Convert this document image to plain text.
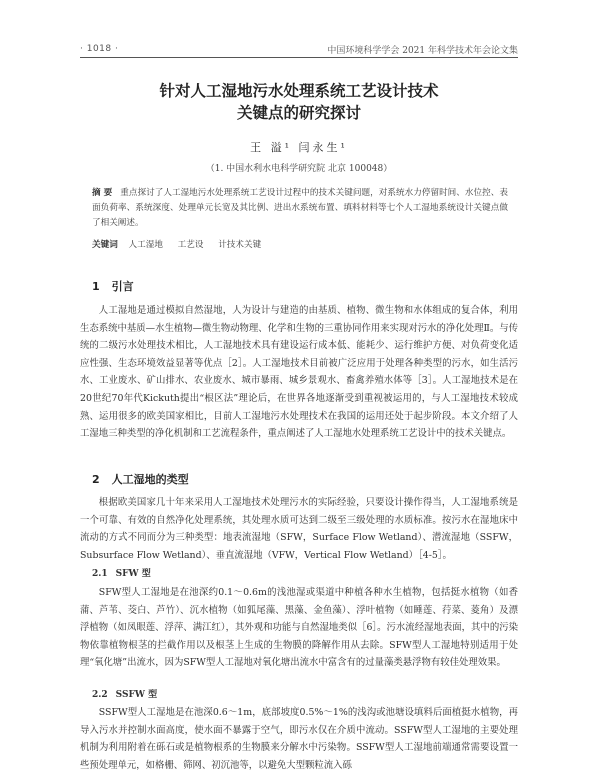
· 1018 ·	中国环境科学学会 2021 年科学技术年会论文集
针对人工湿地污水处理系统工艺设计技术
关键点的研究探讨
王 溢¹ 闫永生¹
（1. 中国水利水电科学研究院 北京 100048）
摘 要 重点探讨了人工湿地污水处理系统工艺设计过程中的技术关键问题，对系统水力停留时间、水位控、表面负荷率、系统深度、处理单元长宽及其比例、进出水系统布置、填料材料等七个人工湿地系统设计关键点做了相关阐述。
关键词 人工湿地 工艺设 计技术关键
1 引言

人工湿地是通过模拟自然湿地，人为设计与建造的由基质、植物、微生物和水体组成的复合体，利用生态系统中基质—水生植物—微生物动物理、化学和生物的三重协同作用来实现对污水的净化处理Ⅱ。与传统的二级污水处理技术相比，人工湿地技术具有建设运行成本低、能耗少、运行维护方便、对负荷变化适应性强、生态环境效益显著等优点［2］。人工湿地技术目前被广泛应用于处理各种类型的污水，如生活污水、工业废水、矿山排水、农业废水、城市暴雨、城乡景观水、畜禽养殖水体等［3］。人工湿地技术是在20世纪70年代Kickuth提出“根区法”理论后，在世界各地逐渐受到重视被运用的，与人工湿地技术较成熟、运用很多的欧美国家相比，目前人工湿地污水处理技术在我国的运用还处于起步阶段。本文介绍了人工湿地三种类型的净化机制和工艺流程条件，重点阐述了人工湿地水处理系统工艺设计中的技术关键点。

2 人工湿地的类型

根据欧美国家几十年来采用人工湿地技术处理污水的实际经验，只要设计操作得当，人工湿地系统是一个可靠、有效的自然净化处理系统，其处理水质可达到二级至三级处理的水质标准。按污水在湿地床中流动的方式不同而分为三种类型：地表流湿地（SFW，Surface Flow Wetland）、潜流湿地（SSFW，Subsurface Flow Wetland）、垂直流湿地（VFW，Vertical Flow Wetland）［4-5］。

2.1 SFW 型

SFW型人工湿地是在池深约0.1～0.6m的浅池湿或渠道中种植各种水生植物，包括挺水植物（如香蒲、芦苇、茭白、芦竹）、沉水植物（如狐尾藻、黑藻、金鱼藻）、浮叶植物（如睡莲、荇菜、菱角）及漂浮植物（如凤眼莲、浮萍、满江红），其外观和功能与自然湿地类似［6］。污水流经湿地表面，其中的污染物依靠植物根茎的拦截作用以及根茎上生成的生物膜的降解作用从去除。SFW型人工湿地特别适用于处理“氧化塘”出流水，因为SFW型人工湿地对氧化塘出流水中富含有的过量藻类悬浮物有较佳处理效果。

2.2 SSFW 型

SSFW型人工湿地是在池深0.6～1m，底部坡度0.5%～1%的浅沟或池塘设填料后面植挺水植物，再导入污水并控制水面高度，使水面不暴露于空气，即污水仅在介质中流动。SSFW型人工湿地的主要处理机制为利用附着在砾石或是植物根系的生物膜来分解水中污染物。SSFW型人工湿地前端通常需要设置一些预处理单元，如格栅、筛网、初沉池等，以避免大型颗粒流入砾
